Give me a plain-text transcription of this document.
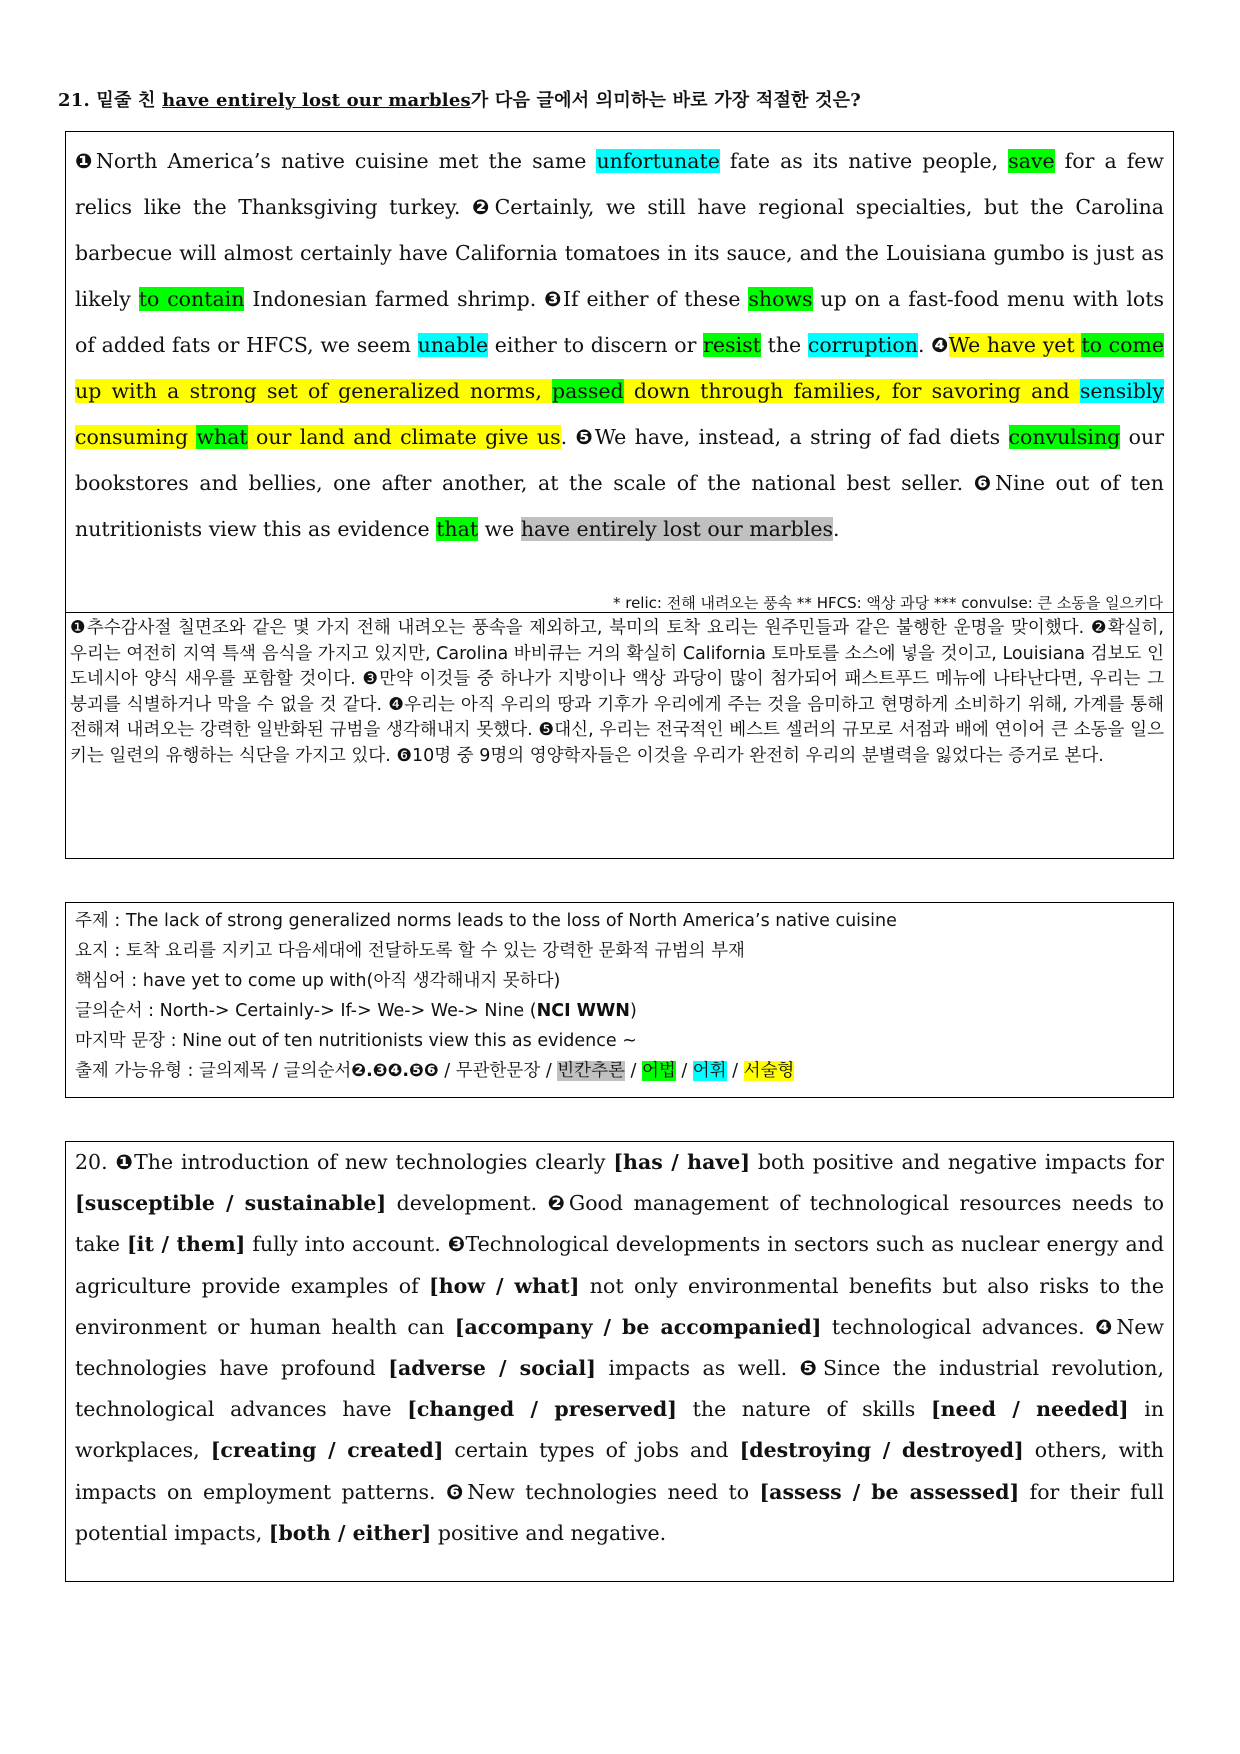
21. 밑줄 친 have entirely lost our marbles가 다음 글에서 의미하는 바로 가장 적절한 것은?
❶North America’s native cuisine met the same unfortunate fate as its native people, save for a few relics like the Thanksgiving turkey. ❷Certainly, we still have regional specialties, but the Carolina barbecue will almost certainly have California tomatoes in its sauce, and the Louisiana gumbo is just as likely to contain Indonesian farmed shrimp. ❸If either of these shows up on a fast-food menu with lots of added fats or HFCS, we seem unable either to discern or resist the corruption. ❹We have yet to come up with a strong set of generalized norms, passed down through families, for savoring and sensibly consuming what our land and climate give us. ❺We have, instead, a string of fad diets convulsing our bookstores and bellies, one after another, at the scale of the national best seller. ❻Nine out of ten nutritionists view this as evidence that we have entirely lost our marbles.
* relic: 전해 내려오는 풍속 ** HFCS: 액상 과당 *** convulse: 큰 소동을 일으키다
❶추수감사절 칠면조와 같은 몇 가지 전해 내려오는 풍속을 제외하고, 북미의 토착 요리는 원주민들과 같은 불행한 운명을 맞이했다. ❷확실히, 우리는 여전히 지역 특색 음식을 가지고 있지만, Carolina 바비큐는 거의 확실히 California 토마토를 소스에 넣을 것이고, Louisiana 검보도 인도네시아 양식 새우를 포함할 것이다. ❸만약 이것들 중 하나가 지방이나 액상 과당이 많이 첨가되어 패스트푸드 메뉴에 나타난다면, 우리는 그 붕괴를 식별하거나 막을 수 없을 것 같다. ❹우리는 아직 우리의 땅과 기후가 우리에게 주는 것을 음미하고 현명하게 소비하기 위해, 가계를 통해 전해져 내려오는 강력한 일반화된 규범을 생각해내지 못했다. ❺대신, 우리는 전국적인 베스트 셀러의 규모로 서점과 배에 연이어 큰 소동을 일으키는 일련의 유행하는 식단을 가지고 있다. ❻10명 중 9명의 영양학자들은 이것을 우리가 완전히 우리의 분별력을 잃었다는 증거로 본다.
주제 : The lack of strong generalized norms leads to the loss of North America’s native cuisine
요지 : 토착 요리를 지키고 다음세대에 전달하도록 할 수 있는 강력한 문화적 규범의 부재
핵심어 : have yet to come up with(아직 생각해내지 못하다)
글의순서 : North-> Certainly-> If-> We-> We-> Nine (NCI WWN)
마지막 문장 : Nine out of ten nutritionists view this as evidence ~
출제 가능유형 : 글의제목 / 글의순서❷.❸❹.❺❻ / 무관한문장 / 빈칸추론 / 어법 / 어휘 / 서술형
20. ❶The introduction of new technologies clearly [has / have] both positive and negative impacts for [susceptible / sustainable] development. ❷Good management of technological resources needs to take [it / them] fully into account. ❸Technological developments in sectors such as nuclear energy and agriculture provide examples of [how / what] not only environmental benefits but also risks to the environment or human health can [accompany / be accompanied] technological advances. ❹New technologies have profound [adverse / social] impacts as well. ❺Since the industrial revolution, technological advances have [changed / preserved] the nature of skills [need / needed] in workplaces, [creating / created] certain types of jobs and [destroying / destroyed] others, with impacts on employment patterns. ❻New technologies need to [assess / be assessed] for their full potential impacts, [both / either] positive and negative.
